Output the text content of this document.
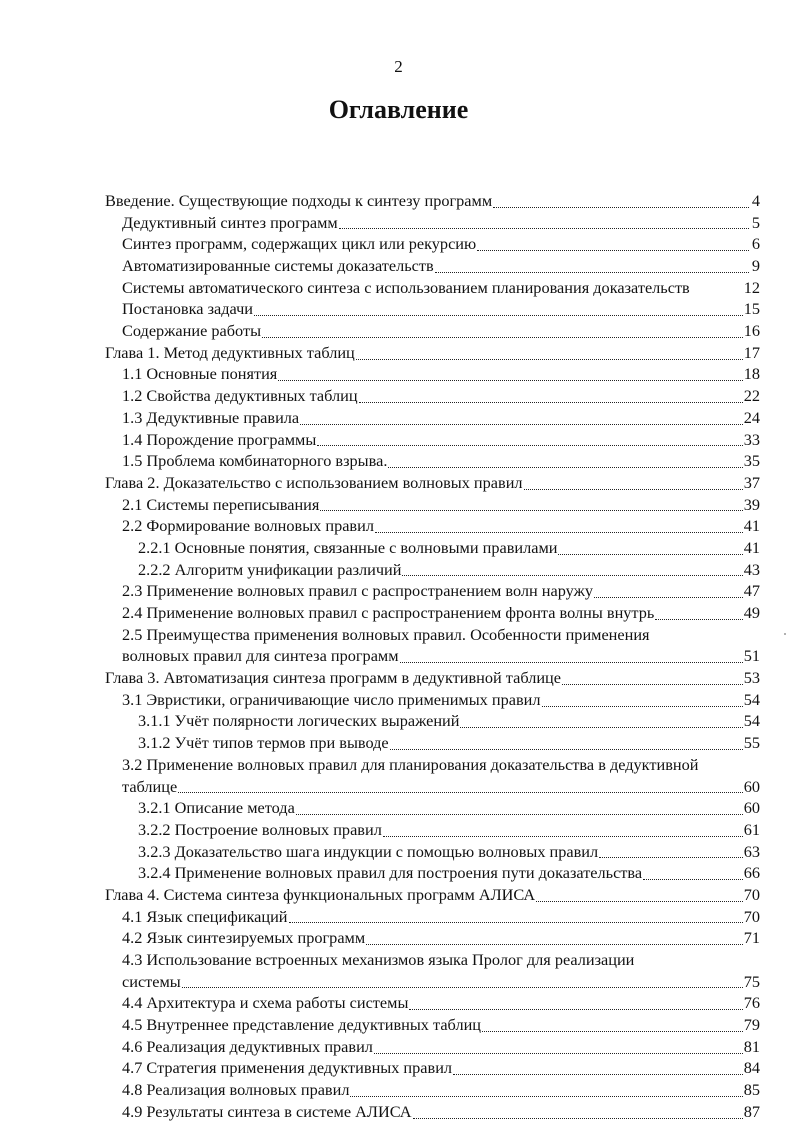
2
Оглавление
Введение. Существующие подходы к синтезу программ	4
Дедуктивный синтез программ	5
Синтез программ, содержащих цикл или рекурсию	6
Автоматизированные системы доказательств	9
Системы автоматического синтеза с использованием планирования доказательств	12
Постановка задачи	15
Содержание работы	16
Глава 1. Метод дедуктивных таблиц	17
1.1 Основные понятия	18
1.2 Свойства дедуктивных таблиц	22
1.3 Дедуктивные правила	24
1.4 Порождение программы	33
1.5 Проблема комбинаторного взрыва.	35
Глава 2. Доказательство с использованием волновых правил	37
2.1 Системы переписывания	39
2.2 Формирование волновых правил	41
2.2.1 Основные понятия, связанные с волновыми правилами	41
2.2.2 Алгоритм унификации различий	43
2.3 Применение волновых правил с распространением волн наружу	47
2.4 Применение волновых правил с распространением фронта волны внутрь	49
2.5 Преимущества применения волновых правил. Особенности применения
волновых правил для синтеза программ	51
Глава 3. Автоматизация синтеза программ в дедуктивной таблице	53
3.1 Эвристики, ограничивающие число применимых правил	54
3.1.1 Учёт полярности логических выражений	54
3.1.2 Учёт типов термов при выводе	55
3.2 Применение волновых правил для планирования доказательства в дедуктивной
таблице	60
3.2.1 Описание метода	60
3.2.2 Построение волновых правил	61
3.2.3 Доказательство шага индукции с помощью волновых правил	63
3.2.4 Применение волновых правил для построения пути доказательства	66
Глава 4. Система синтеза функциональных программ АЛИСА	70
4.1 Язык спецификаций	70
4.2 Язык синтезируемых программ	71
4.3 Использование встроенных механизмов языка Пролог для реализации
системы	75
4.4 Архитектура и схема работы системы	76
4.5 Внутреннее представление дедуктивных таблиц	79
4.6 Реализация дедуктивных правил	81
4.7 Стратегия применения дедуктивных правил	84
4.8 Реализация волновых правил	85
4.9 Результаты синтеза в системе АЛИСА	87
